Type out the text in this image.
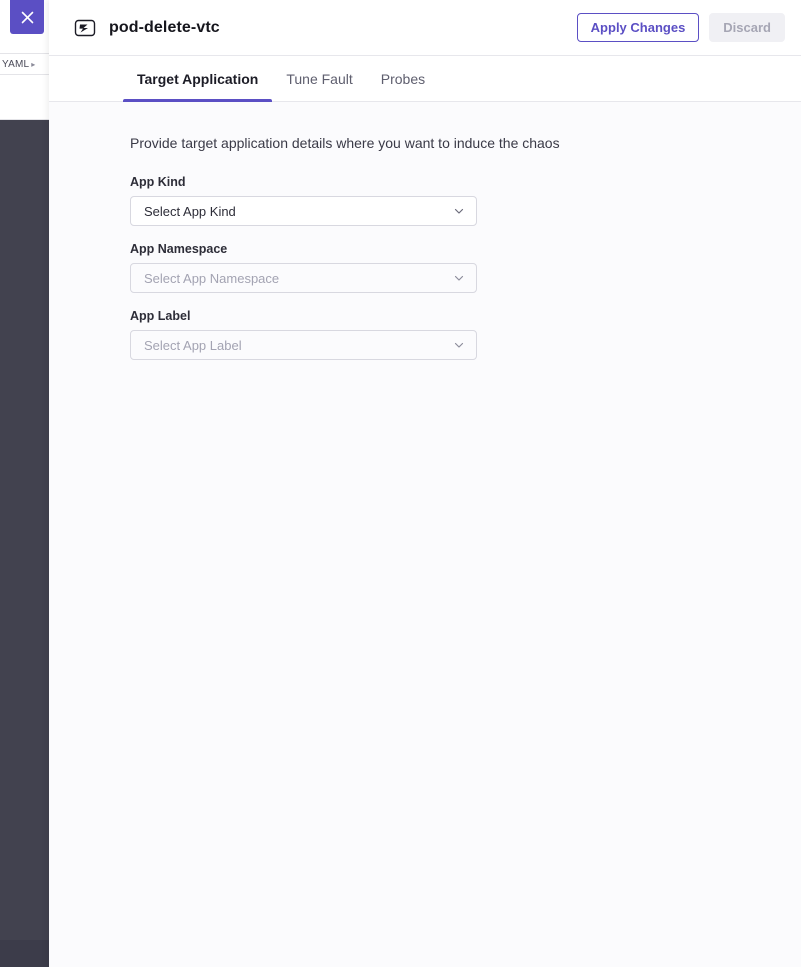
YAML ▸
pod-delete-vtc	Apply Changes	Discard
Target Application	Tune Fault	Probes
Provide target application details where you want to induce the chaos
App Kind
Select App Kind
App Namespace
Select App Namespace
App Label
Select App Label
